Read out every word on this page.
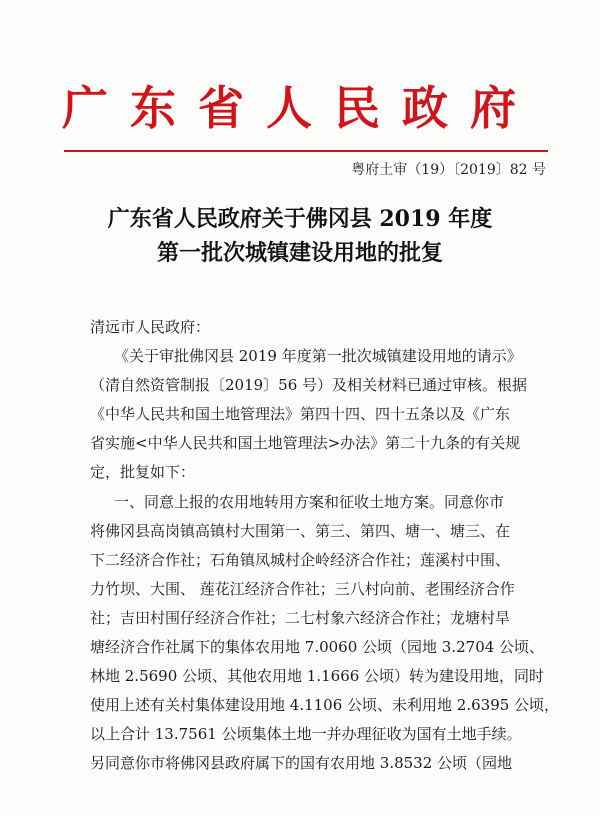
广东省人民政府
粤府土审（19）〔2019〕82 号
广东省人民政府关于佛冈县 2019 年度
第一批次城镇建设用地的批复
清远市人民政府：
《关于审批佛冈县 2019 年度第一批次城镇建设用地的请示》
（清自然资管制报〔2019〕56 号）及相关材料已通过审核。根据
《中华人民共和国土地管理法》第四十四、四十五条以及《广东
省实施<中华人民共和国土地管理法>办法》第二十九条的有关规
定，批复如下：
一、同意上报的农用地转用方案和征收土地方案。同意你市
将佛冈县高岗镇高镇村大围第一、第三、第四、塘一、塘三、在
下二经济合作社；石角镇凤城村企岭经济合作社；莲溪村中围、
力竹坝、大围、 莲花江经济合作社；三八村向前、老围经济合作
社；吉田村围仔经济合作社；二七村象六经济合作社；龙塘村旱
塘经济合作社属下的集体农用地 7.0060 公顷（园地 3.2704 公顷、
林地 2.5690 公顷、其他农用地 1.1666 公顷）转为建设用地，同时
使用上述有关村集体建设用地 4.1106 公顷、未利用地 2.6395 公顷，
以上合计 13.7561 公顷集体土地一并办理征收为国有土地手续。
另同意你市将佛冈县政府属下的国有农用地 3.8532 公顷（园地
